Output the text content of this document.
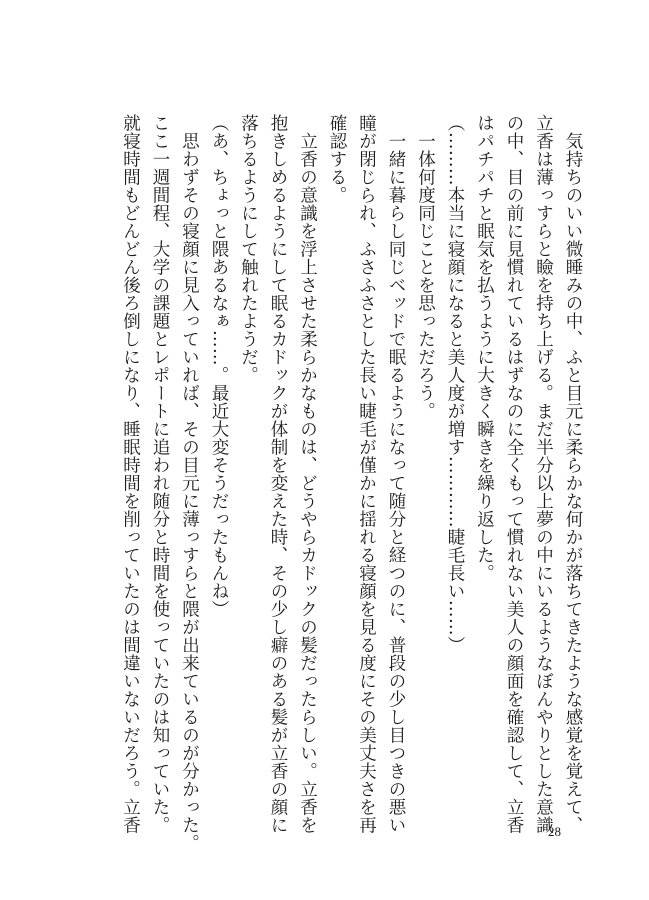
　気持ちのいい微睡みの中、ふと目元に柔らかな何かが落ちてきたような感覚を覚えて、
立香は薄っすらと瞼を持ち上げる。まだ半分以上夢の中にいるようなぼんやりとした意識
の中、目の前に見慣れているはずなのに全くもって慣れない美人の顔面を確認して、立香
はパチパチと眠気を払うように大きく瞬きを繰り返した。
（………本当に寝顔になると美人度が増す…………睫毛長い……）
　一体何度同じことを思っただろう。
　一緒に暮らし同じベッドで眠るようになって随分と経つのに、普段の少し目つきの悪い
瞳が閉じられ、ふさふさとした長い睫毛が僅かに揺れる寝顔を見る度にその美丈夫さを再
確認する。
　立香の意識を浮上させた柔らかなものは、どうやらカドックの髪だったらしい。立香を
抱きしめるようにして眠るカドックが体制を変えた時、その少し癖のある髪が立香の顔に
落ちるようにして触れたようだ。
（あ、ちょっと隈あるなぁ……。最近大変そうだったもんね）
　思わずその寝顔に見入っていれば、その目元に薄っすらと隈が出来ているのが分かった。
ここ一週間程、大学の課題とレポートに追われ随分と時間を使っていたのは知っていた。
就寝時間もどんどん後ろ倒しになり、睡眠時間を削っていたのは間違いないだろう。立香	28
